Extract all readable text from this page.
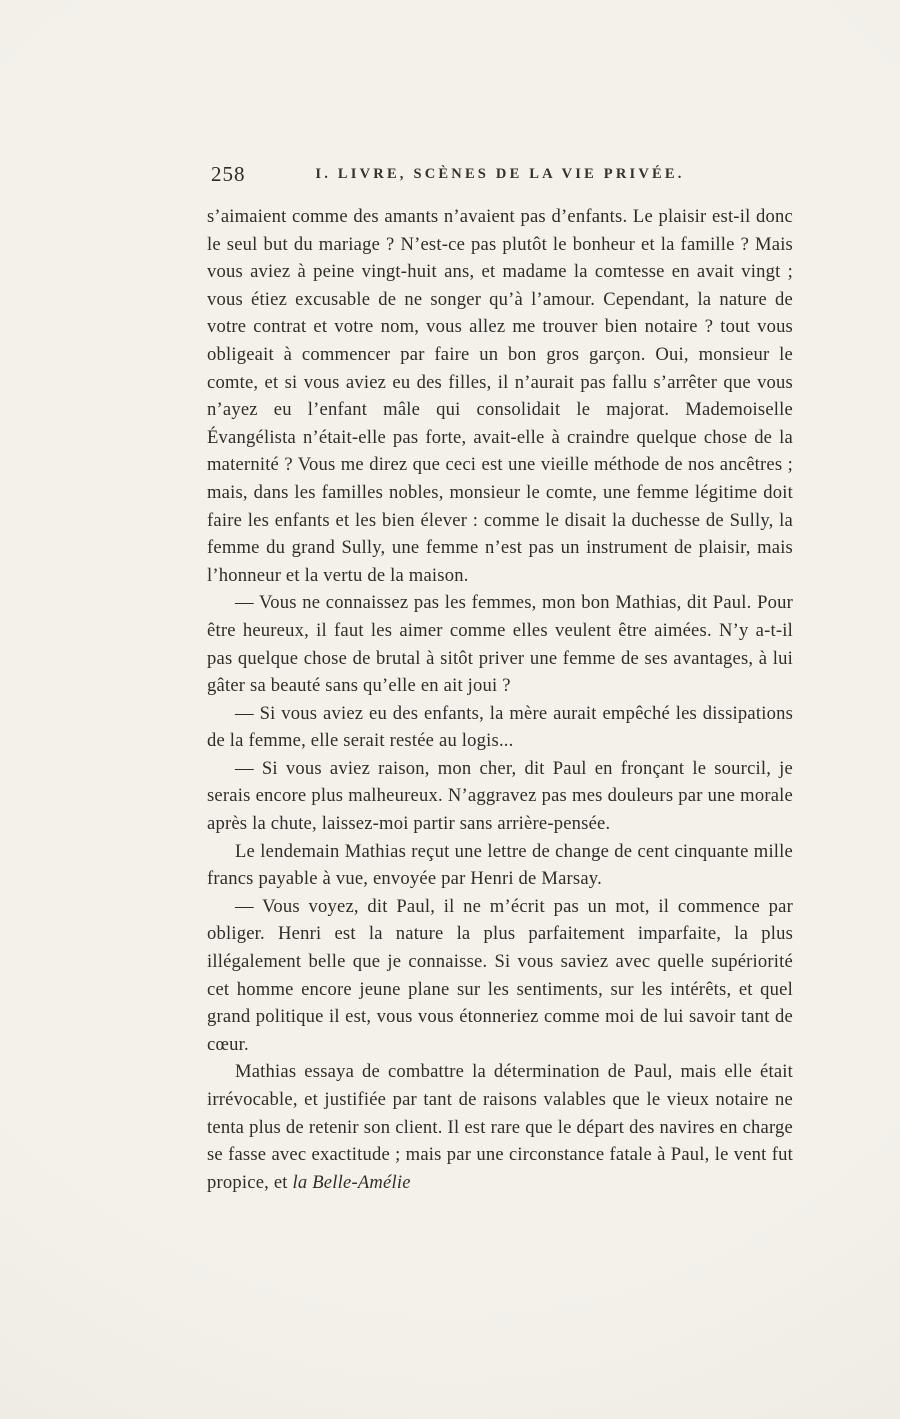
258	I. LIVRE, SCÈNES DE LA VIE PRIVÉE.

s’aimaient comme des amants n’avaient pas d’enfants. Le plaisir est-il donc le seul but du mariage ? N’est-ce pas plutôt le bonheur et la famille ? Mais vous aviez à peine vingt-huit ans, et madame la comtesse en avait vingt ; vous étiez excusable de ne songer qu’à l’amour. Cependant, la nature de votre contrat et votre nom, vous allez me trouver bien notaire ? tout vous obligeait à commencer par faire un bon gros garçon. Oui, monsieur le comte, et si vous aviez eu des filles, il n’aurait pas fallu s’arrêter que vous n’ayez eu l’enfant mâle qui consolidait le majorat. Mademoiselle Évangélista n’était-elle pas forte, avait-elle à craindre quelque chose de la maternité ? Vous me direz que ceci est une vieille méthode de nos ancêtres ; mais, dans les familles nobles, monsieur le comte, une femme légitime doit faire les enfants et les bien élever : comme le disait la duchesse de Sully, la femme du grand Sully, une femme n’est pas un instrument de plaisir, mais l’honneur et la vertu de la maison.

— Vous ne connaissez pas les femmes, mon bon Mathias, dit Paul. Pour être heureux, il faut les aimer comme elles veulent être aimées. N’y a-t-il pas quelque chose de brutal à sitôt priver une femme de ses avantages, à lui gâter sa beauté sans qu’elle en ait joui ?

— Si vous aviez eu des enfants, la mère aurait empêché les dissipations de la femme, elle serait restée au logis...

— Si vous aviez raison, mon cher, dit Paul en fronçant le sourcil, je serais encore plus malheureux. N’aggravez pas mes douleurs par une morale après la chute, laissez-moi partir sans arrière-pensée.

Le lendemain Mathias reçut une lettre de change de cent cinquante mille francs payable à vue, envoyée par Henri de Marsay.

— Vous voyez, dit Paul, il ne m’écrit pas un mot, il commence par obliger. Henri est la nature la plus parfaitement imparfaite, la plus illégalement belle que je connaisse. Si vous saviez avec quelle supériorité cet homme encore jeune plane sur les sentiments, sur les intérêts, et quel grand politique il est, vous vous étonneriez comme moi de lui savoir tant de cœur.

Mathias essaya de combattre la détermination de Paul, mais elle était irrévocable, et justifiée par tant de raisons valables que le vieux notaire ne tenta plus de retenir son client. Il est rare que le départ des navires en charge se fasse avec exactitude ; mais par une circonstance fatale à Paul, le vent fut propice, et la Belle-Amélie
